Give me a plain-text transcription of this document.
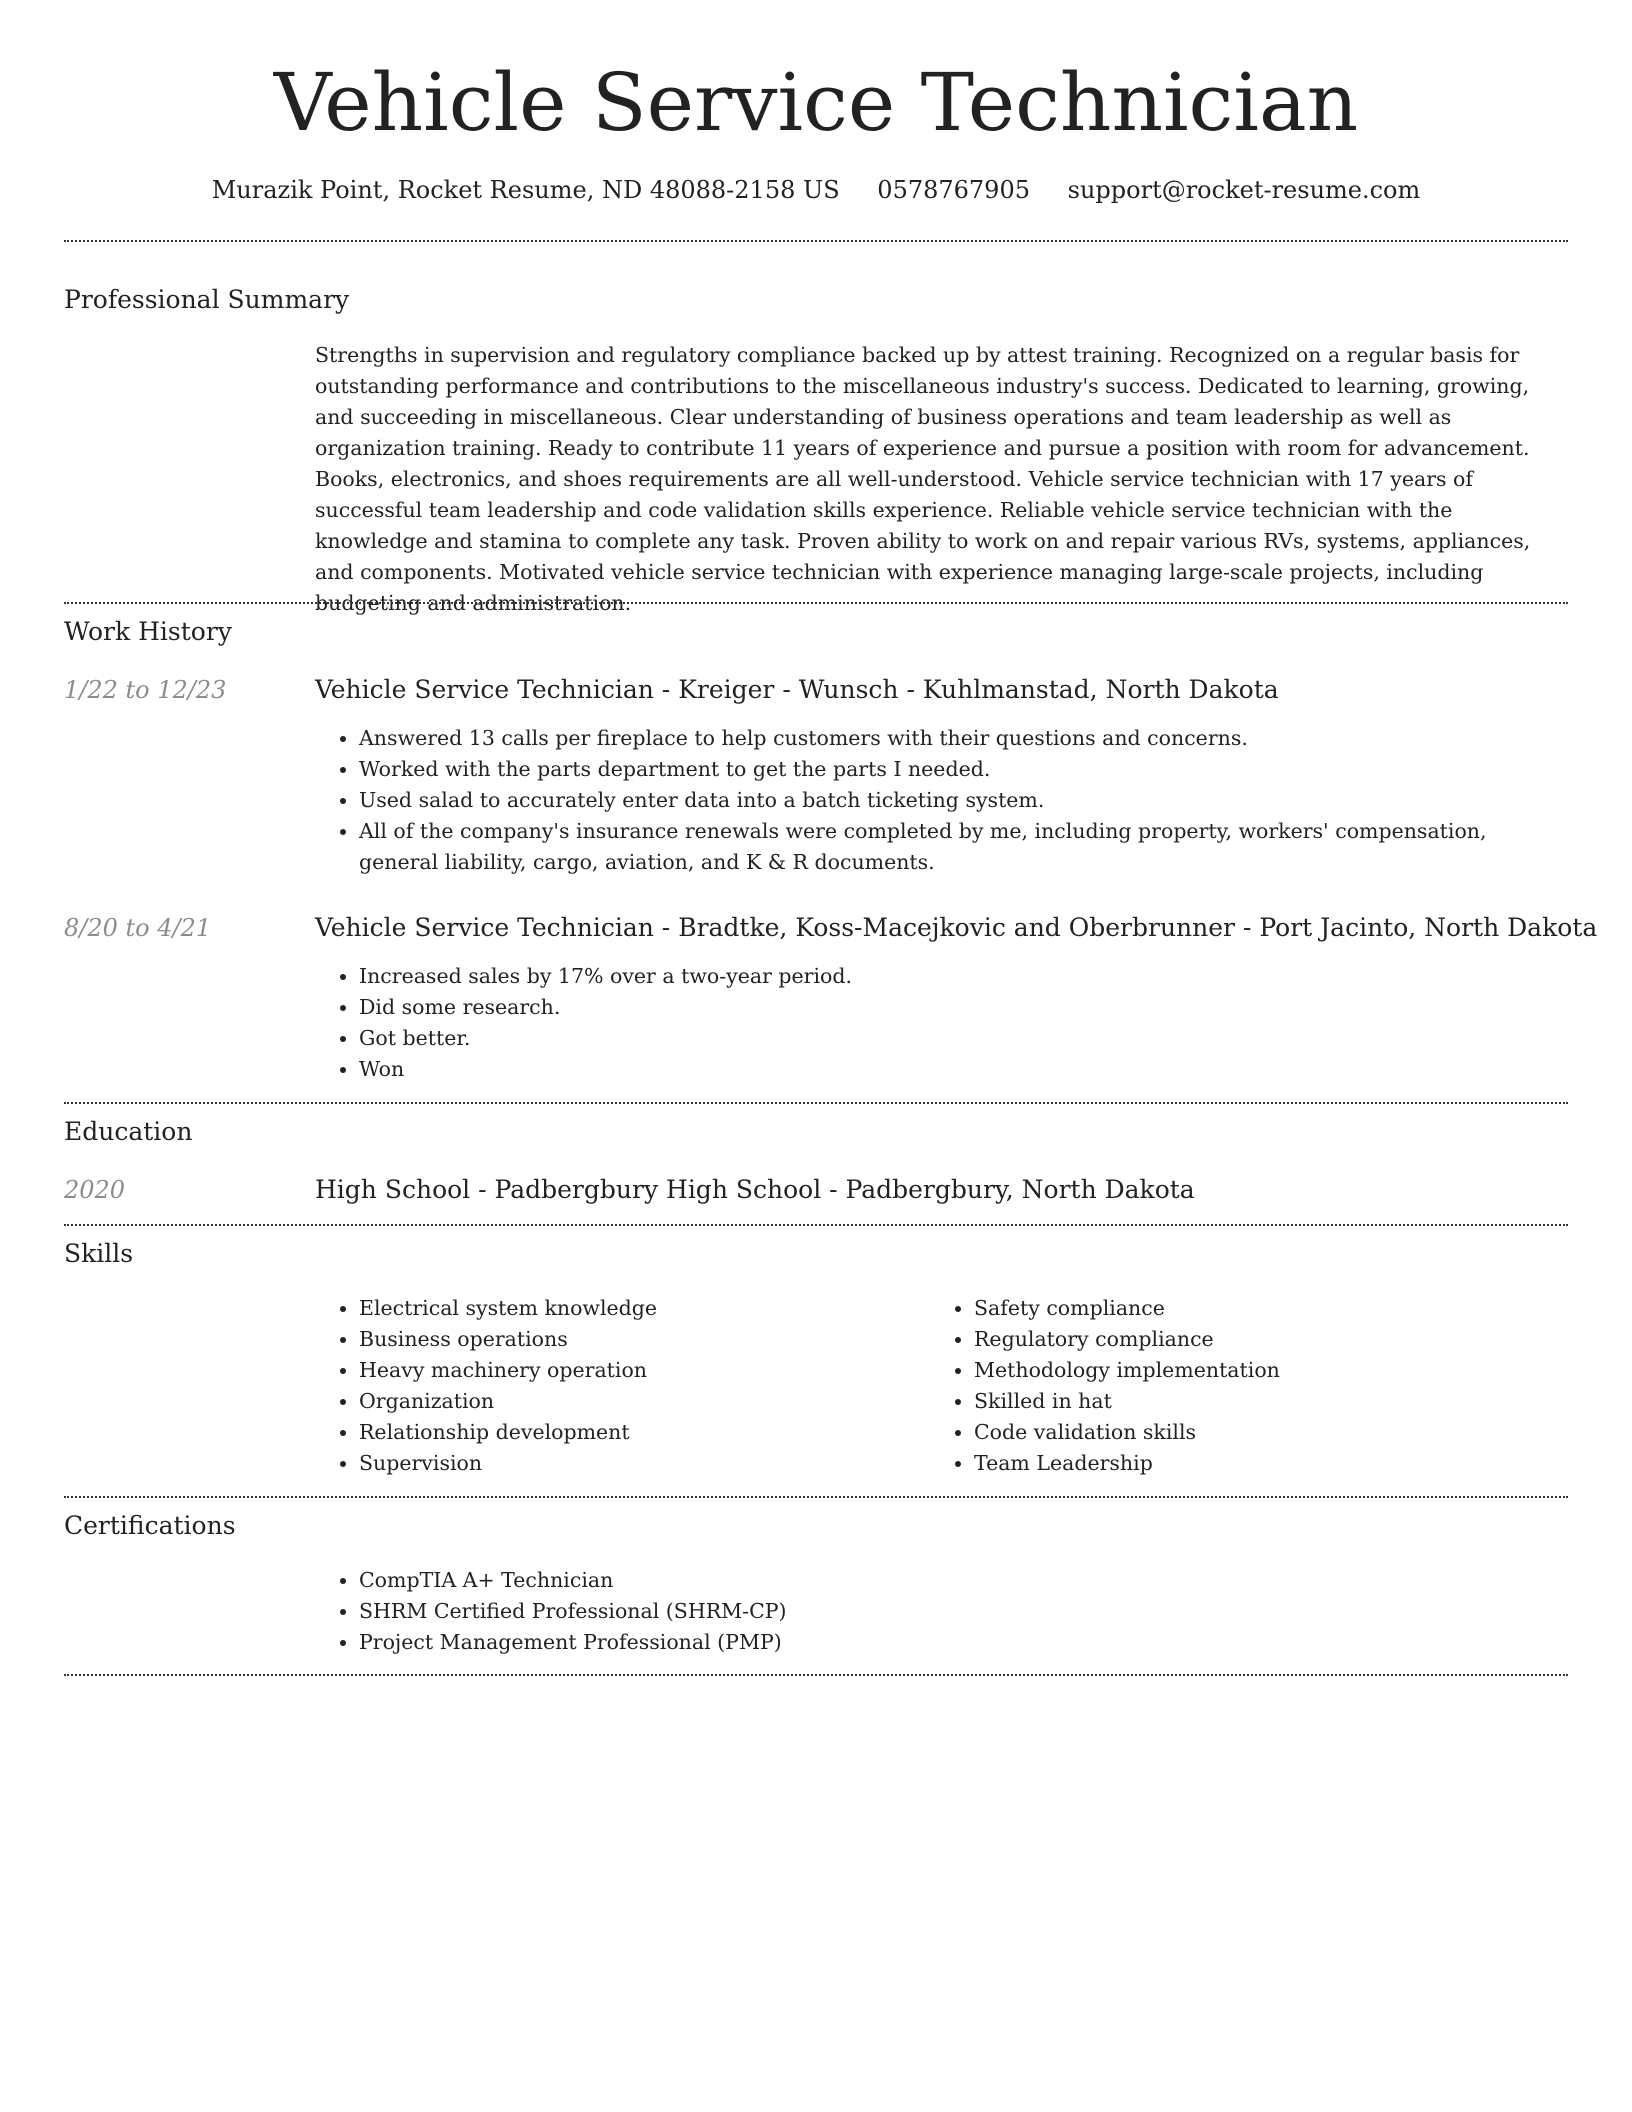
Vehicle Service Technician
Murazik Point, Rocket Resume, ND 48088-2158 US 0578767905 support@rocket-resume.com
Professional Summary

Strengths in supervision and regulatory compliance backed up by attest training. Recognized on a regular basis for outstanding performance and contributions to the miscellaneous industry's success. Dedicated to learning, growing, and succeeding in miscellaneous. Clear understanding of business operations and team leadership as well as organization training. Ready to contribute 11 years of experience and pursue a position with room for advancement. Books, electronics, and shoes requirements are all well-understood. Vehicle service technician with 17 years of successful team leadership and code validation skills experience. Reliable vehicle service technician with the knowledge and stamina to complete any task. Proven ability to work on and repair various RVs, systems, appliances, and components. Motivated vehicle service technician with experience managing large-scale projects, including budgeting and administration.

Work History
1/22 to 12/23	Vehicle Service Technician - Kreiger - Wunsch - Kuhlmanstad, North Dakota
• Answered 13 calls per fireplace to help customers with their questions and concerns.
• Worked with the parts department to get the parts I needed.
• Used salad to accurately enter data into a batch ticketing system.
• All of the company's insurance renewals were completed by me, including property, workers' compensation, general liability, cargo, aviation, and K & R documents.
8/20 to 4/21	Vehicle Service Technician - Bradtke, Koss-Macejkovic and Oberbrunner - Port Jacinto, North Dakota
• Increased sales by 17% over a two-year period.
• Did some research.
• Got better.
• Won
Education
2020	High School - Padbergbury High School - Padbergbury, North Dakota
Skills
• Electrical system knowledge
• Business operations
• Heavy machinery operation
• Organization
• Relationship development
• Supervision
• Safety compliance
• Regulatory compliance
• Methodology implementation
• Skilled in hat
• Code validation skills
• Team Leadership
Certifications
• CompTIA A+ Technician
• SHRM Certified Professional (SHRM-CP)
• Project Management Professional (PMP)
